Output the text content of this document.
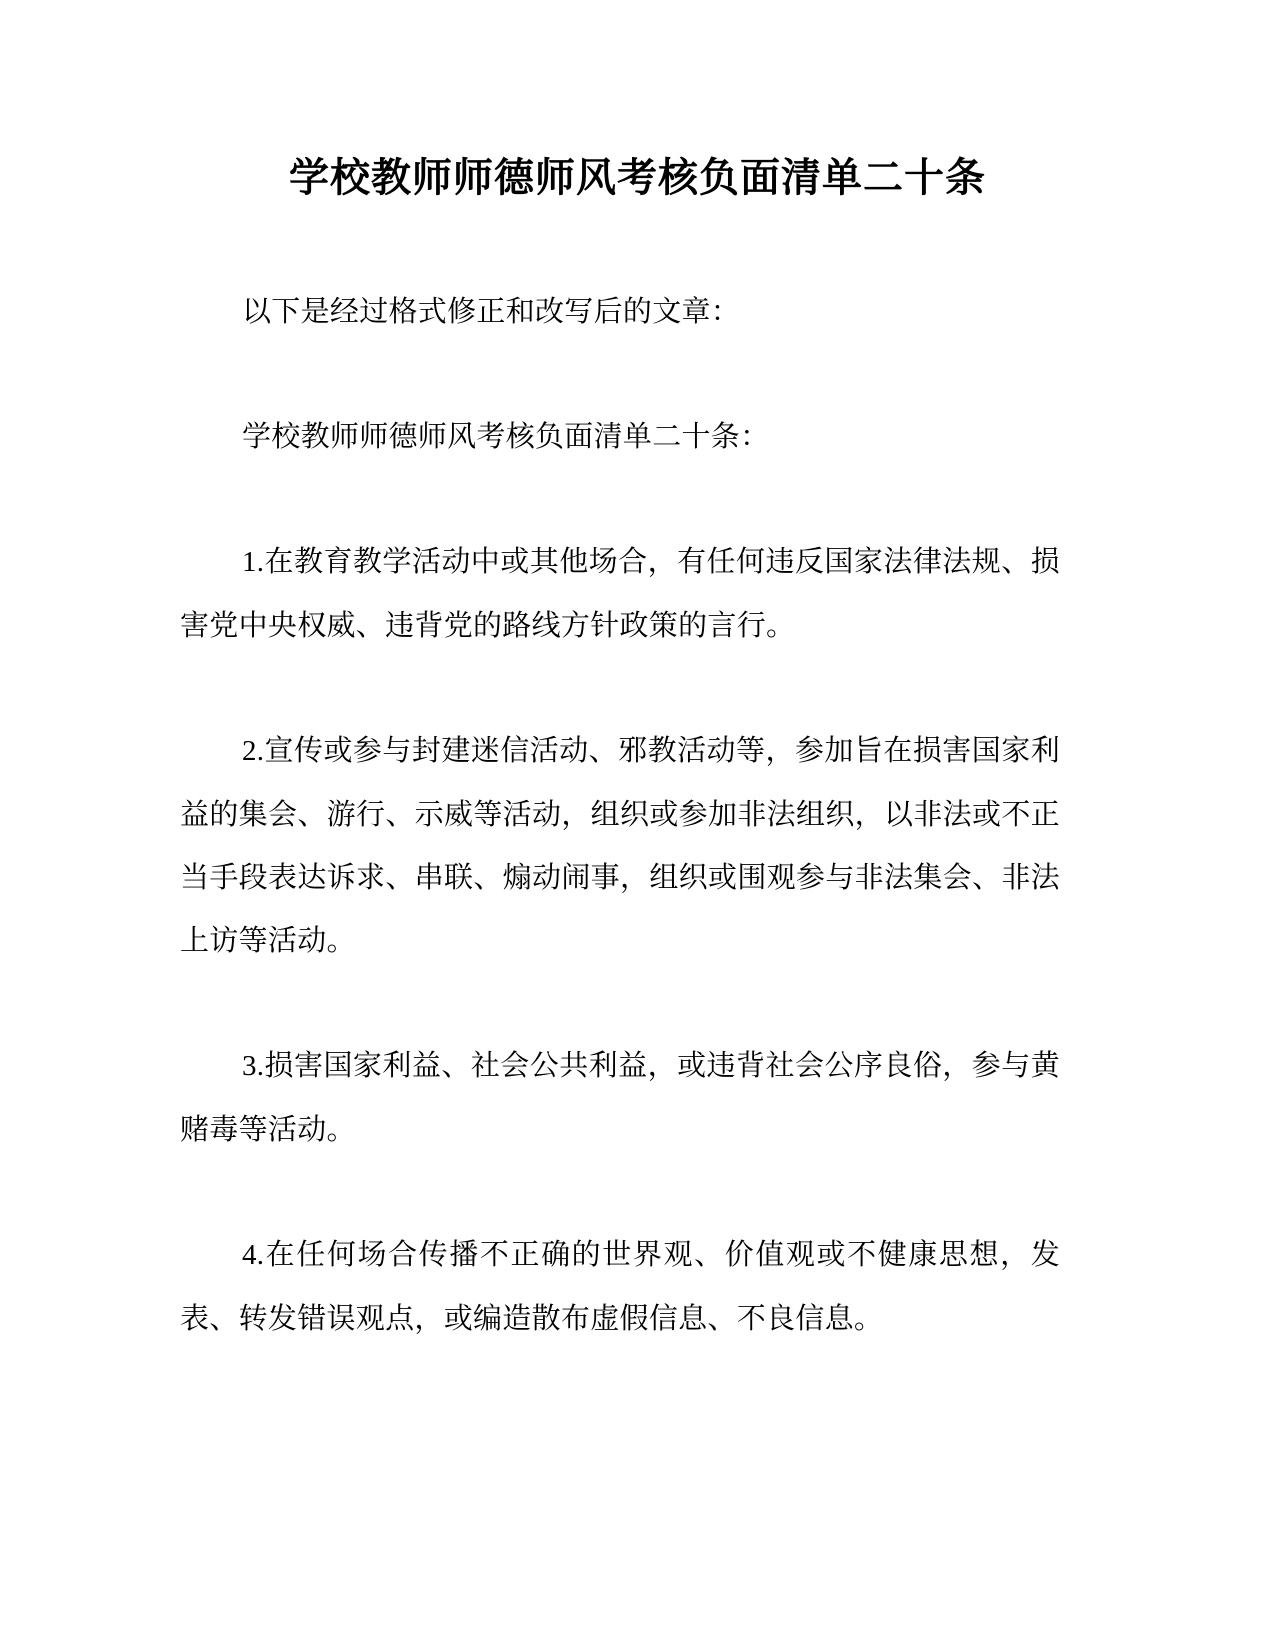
学校教师师德师风考核负面清单二十条

以下是经过格式修正和改写后的文章：

学校教师师德师风考核负面清单二十条：

1.在教育教学活动中或其他场合，有任何违反国家法律法规、损害党中央权威、违背党的路线方针政策的言行。

2.宣传或参与封建迷信活动、邪教活动等，参加旨在损害国家利益的集会、游行、示威等活动，组织或参加非法组织，以非法或不正当手段表达诉求、串联、煽动闹事，组织或围观参与非法集会、非法上访等活动。

3.损害国家利益、社会公共利益，或违背社会公序良俗，参与黄赌毒等活动。

4.在任何场合传播不正确的世界观、价值观或不健康思想，发表、转发错误观点，或编造散布虚假信息、不良信息。
